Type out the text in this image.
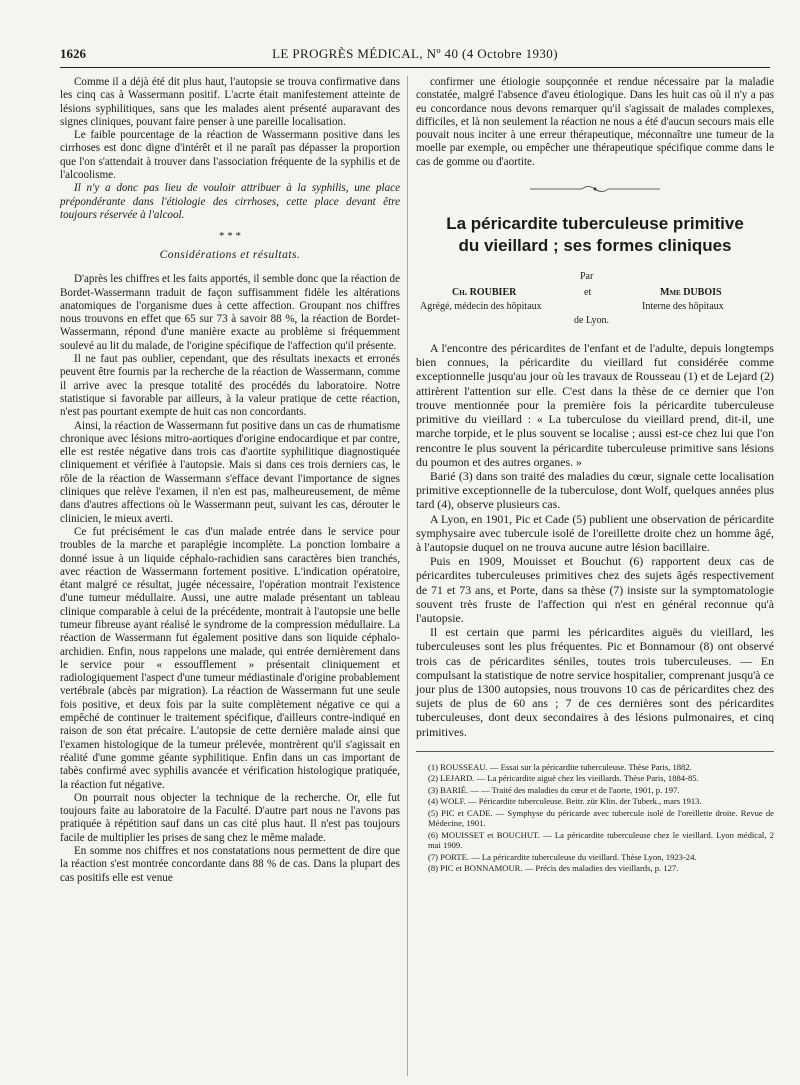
1626	LE PROGRÈS MÉDICAL, Nº 40 (4 Octobre 1930)

Comme il a déjà été dit plus haut, l'autopsie se trouva confirmative dans les cinq cas à Wassermann positif. L'acrte était manifestement atteinte de lésions syphilitiques, sans que les malades aient présenté auparavant des signes cliniques, pouvant faire penser à une pareille localisation.

Le faible pourcentage de la réaction de Wassermann positive dans les cirrhoses est donc digne d'intérêt et il ne paraît pas dépasser la proportion que l'on s'attendait à trouver dans l'association fréquente de la syphilis et de l'alcoolisme.

Il n'y a donc pas lieu de vouloir attribuer à la syphilis, une place prépondérante dans l'étiologie des cirrhoses, cette place devant être toujours réservée à l'alcool.

* * *
Considérations et résultats.

D'après les chiffres et les faits apportés, il semble donc que la réaction de Bordet-Wassermann traduit de façon suffisamment fidèle les altérations anatomiques de l'organisme dues à cette affection. Groupant nos chiffres nous trouvons en effet que 65 sur 73 à savoir 88 %, la réaction de Bordet-Wassermann, répond d'une manière exacte au problème si fréquemment soulevé au lit du malade, de l'origine spécifique de l'affection qu'il présente.

Il ne faut pas oublier, cependant, que des résultats inexacts et erronés peuvent être fournis par la recherche de la réaction de Wassermann, comme il arrive avec la presque totalité des procédés du laboratoire. Notre statistique si favorable par ailleurs, à la valeur pratique de cette réaction, n'est pas pourtant exempte de huit cas non concordants.

Ainsi, la réaction de Wassermann fut positive dans un cas de rhumatisme chronique avec lésions mitro-aortiques d'origine endocardique et par contre, elle est restée négative dans trois cas d'aortite syphilitique diagnostiquée cliniquement et vérifiée à l'autopsie. Mais si dans ces trois derniers cas, le rôle de la réaction de Wassermann s'efface devant l'importance de signes cliniques que relève l'examen, il n'en est pas, malheureusement, de même dans d'autres affections où le Wassermann peut, suivant les cas, dérouter le clinicien, le mieux averti.

Ce fut précisément le cas d'un malade entrée dans le service pour troubles de la marche et paraplégie incomplète. La ponction lombaire a donné issue à un liquide céphalo-rachidien sans caractères bien tranchés, avec réaction de Wassermann fortement positive. L'indication opératoire, étant malgré ce résultat, jugée nécessaire, l'opération montrait l'existence d'une tumeur médullaire. Aussi, une autre malade présentant un tableau clinique comparable à celui de la précédente, montrait à l'autopsie une belle tumeur fibreuse ayant réalisé le syndrome de la compression médullaire. La réaction de Wassermann fut également positive dans son liquide céphalo-archidien. Enfin, nous rappelons une malade, qui entrée dernièrement dans le service pour « essoufflement » présentait cliniquement et radiologiquement l'aspect d'une tumeur médiastinale d'origine probablement vertébrale (abcès par migration). La réaction de Wassermann fut une seule fois positive, et deux fois par la suite complètement négative ce qui a empêché de continuer le traitement spécifique, d'ailleurs contre-indiqué en raison de son état précaire. L'autopsie de cette dernière malade ainsi que l'examen histologique de la tumeur prélevée, montrèrent qu'il s'agissait en réalité d'une gomme géante syphilitique. Enfin dans un cas important de tabès confirmé avec syphilis avancée et vérification histologique pratiquée, la réaction fut négative.

On pourrait nous objecter la technique de la recherche. Or, elle fut toujours faite au laboratoire de la Faculté. D'autre part nous ne l'avons pas pratiquée à répétition sauf dans un cas cité plus haut. Il n'est pas toujours facile de multiplier les prises de sang chez le même malade.

En somme nos chiffres et nos constatations nous permettent de dire que la réaction s'est montrée concordante dans 88 % de cas. Dans la plupart des cas positifs elle est venue

confirmer une étiologie soupçonnée et rendue nécessaire par la maladie constatée, malgré l'absence d'aveu étiologique. Dans les huit cas où il n'y a pas eu concordance nous devons remarquer qu'il s'agissait de malades complexes, difficiles, et là non seulement la réaction ne nous a été d'aucun secours mais elle pouvait nous inciter à une erreur thérapeutique, méconnaître une tumeur de la moelle par exemple, ou empêcher une thérapeutique spécifique comme dans le cas de gomme ou d'aortite.

La péricardite tuberculeuse primitive
du vieillard ; ses formes cliniques
Par
Ch. ROUBIER
Agrégé, médecin des hôpitaux
et	Mme DUBOIS
Interne des hôpitaux
de Lyon.

A l'encontre des péricardites de l'enfant et de l'adulte, depuis longtemps bien connues, la péricardite du vieillard fut considérée comme exceptionnelle jusqu'au jour où les travaux de Rousseau (1) et de Lejard (2) attirèrent l'attention sur elle. C'est dans la thèse de ce dernier que l'on trouve mentionnée pour la première fois la péricardite tuberculeuse primitive du vieillard : « La tuberculose du vieillard prend, dit-il, une marche torpide, et le plus souvent se localise ; aussi est-ce chez lui que l'on rencontre le plus souvent la péricardite tuberculeuse primitive sans lésions du poumon et des autres organes. »

Barié (3) dans son traité des maladies du cœur, signale cette localisation primitive exceptionnelle de la tuberculose, dont Wolf, quelques années plus tard (4), observe plusieurs cas.

A Lyon, en 1901, Pic et Cade (5) publient une observation de péricardite symphysaire avec tubercule isolé de l'oreillette droite chez un homme âgé, à l'autopsie duquel on ne trouva aucune autre lésion bacillaire.

Puis en 1909, Mouisset et Bouchut (6) rapportent deux cas de péricardites tuberculeuses primitives chez des sujets âgés respectivement de 71 et 73 ans, et Porte, dans sa thèse (7) insiste sur la symptomatologie souvent très fruste de l'affection qui n'est en général reconnue qu'à l'autopsie.

Il est certain que parmi les péricardites aiguës du vieillard, les tuberculeuses sont les plus fréquentes. Pic et Bonnamour (8) ont observé trois cas de péricardites séniles, toutes trois tuberculeuses. — En compulsant la statistique de notre service hospitalier, comprenant jusqu'à ce jour plus de 1300 autopsies, nous trouvons 10 cas de péricardites chez des sujets de plus de 60 ans ; 7 de ces dernières sont des péricardites tuberculeuses, dont deux secondaires à des lésions pulmonaires, et cinq primitives.

(1) ROUSSEAU. — Essai sur la péricardite tuberculeuse. Thèse Paris, 1882.

(2) LEJARD. — La péricardite aiguë chez les vieillards. Thèse Paris, 1884-85.

(3) BARIÉ. — — Traité des maladies du cœur et de l'aorte, 1901, p. 197.

(4) WOLF. — Péricardite tuberculeuse. Beitr. zür Klin. der Tuberk., mars 1913.

(5) PIC et CADE. — Symphyse du péricarde avec tubercule isolé de l'oreillette droite. Revue de Médecine, 1901.

(6) MOUISSET et BOUCHUT. — La péricardite tuberculeuse chez le vieillard. Lyon médical, 2 mai 1909.

(7) PORTE. — La péricardite tuberculeuse du vieillard. Thèse Lyon, 1923-24.

(8) PIC et BONNAMOUR. — Précis des maladies des vieillards, p. 127.
